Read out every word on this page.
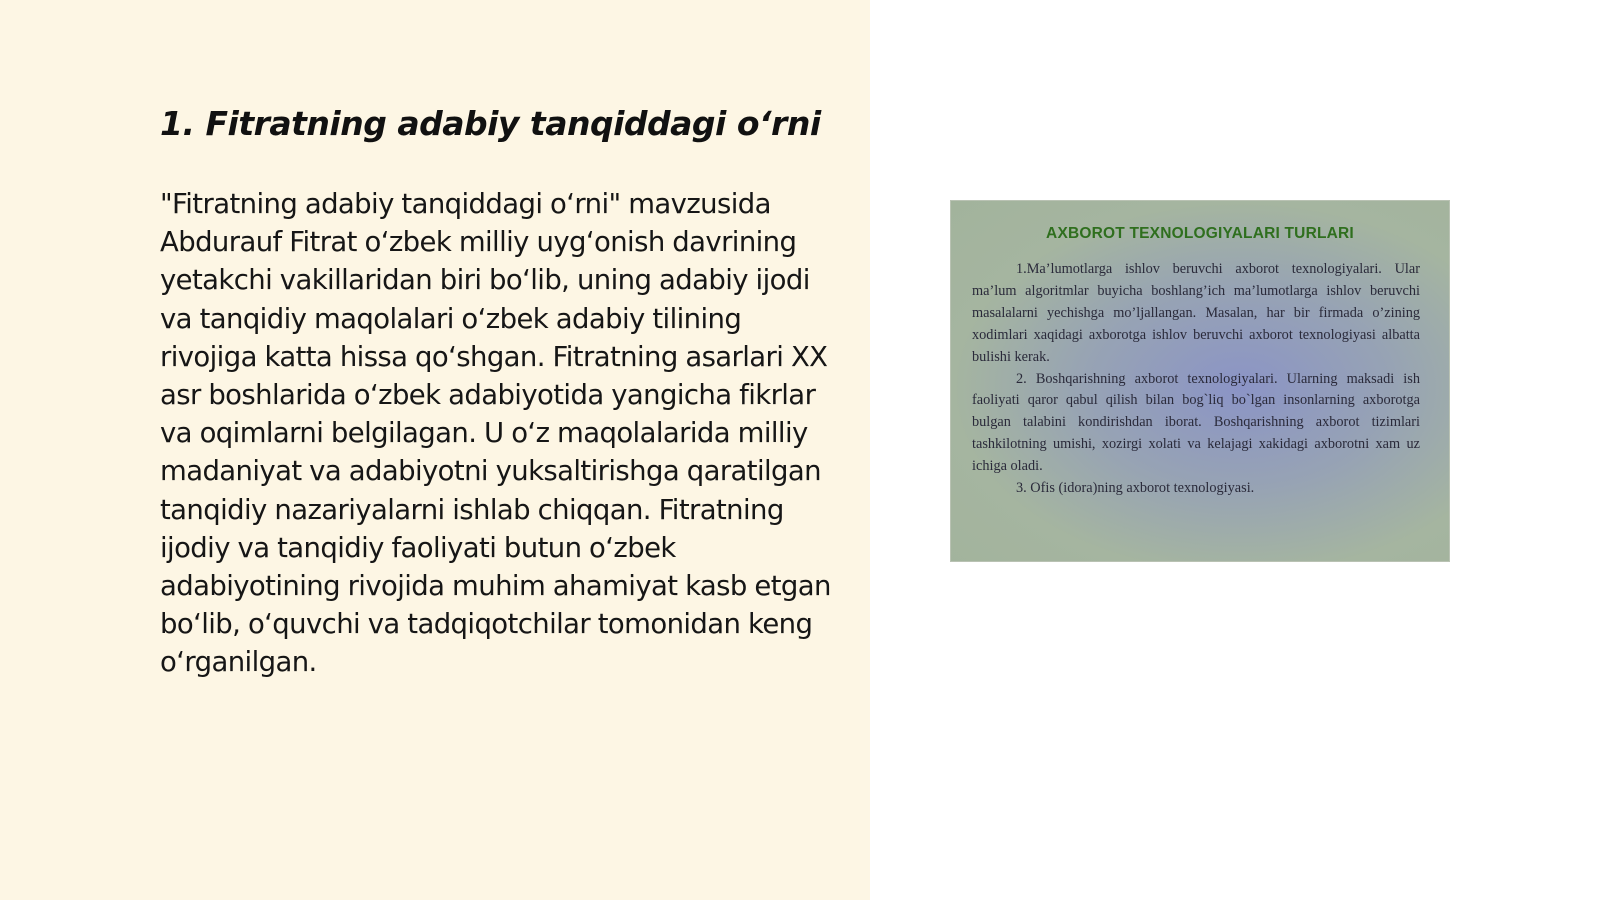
1. Fitratning adabiy tanqiddagi o‘rni

"Fitratning adabiy tanqiddagi o‘rni" mavzusida Abdurauf Fitrat o‘zbek milliy uyg‘onish davrining yetakchi vakillaridan biri bo‘lib, uning adabiy ijodi va tanqidiy maqolalari o‘zbek adabiy tilining rivojiga katta hissa qo‘shgan. Fitratning asarlari XX asr boshlarida o‘zbek adabiyotida yangicha fikrlar va oqimlarni belgilagan. U o‘z maqolalarida milliy madaniyat va adabiyotni yuksaltirishga qaratilgan tanqidiy nazariyalarni ishlab chiqqan. Fitratning ijodiy va tanqidiy faoliyati butun o‘zbek adabiyotining rivojida muhim ahamiyat kasb etgan bo‘lib, o‘quvchi va tadqiqotchilar tomonidan keng o‘rganilgan.

AXBOROT TEXNOLOGIYALARI TURLARI

1.Ma’lumotlarga ishlov beruvchi axborot texnologiyalari. Ular ma’lum algoritmlar buyicha boshlang’ich ma’lumotlarga ishlov beruvchi masalalarni yechishga mo’ljallangan. Masalan, har bir firmada o’zining xodimlari xaqidagi axborotga ishlov beruvchi axborot texnologiyasi albatta bulishi kerak.

2. Boshqarishning axborot texnologiyalari. Ularning maksadi ish faoliyati qaror qabul qilish bilan bog`liq bo`lgan insonlarning axborotga bulgan talabini kondirishdan iborat. Boshqarishning axborot tizimlari tashkilotning umishi, xozirgi xolati va kelajagi xakidagi axborotni xam uz ichiga oladi.

3. Ofis (idora)ning axborot texnologiyasi.
